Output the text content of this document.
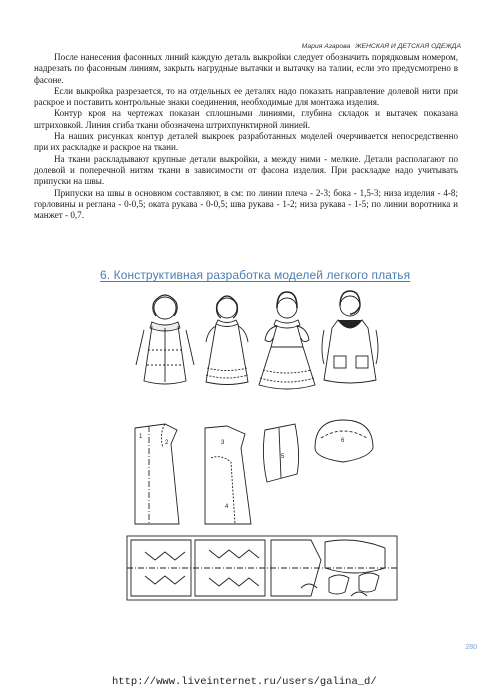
Мария Азарова ЖЕНСКАЯ И ДЕТСКАЯ ОДЕЖДА

После нанесения фасонных линий каждую деталь выкройки следует обозначить порядковым номером, надрезать по фасонным линиям, закрыть нагрудные вытачки и вытачку на талии, если это предусмотрено в фасоне.

Если выкройка разрезается, то на отдельных ее деталях надо показать направление долевой нити при раскрое и поставить контрольные знаки соединения, необходимые для монтажа изделия.

Контур кроя на чертежах показан сплошными линиями, глубина складок и вытачек показана штриховкой. Линия сгиба ткани обозначена штрихпунктирной линией.

На наших рисунках контур деталей выкроек разработанных моделей очерчивается непосредственно при их раскладке и раскрое на ткани.

На ткани раскладывают крупные детали выкройки, а между ними - мелкие. Детали располагают по долевой и поперечной нитям ткани в зависимости от фасона изделия. При раскладке надо учитывать припуски на швы.

Припуски на швы в основном составляют, в см: по линии плеча - 2-3; бока - 1,5-3; низа изделия - 4-8; горловины и реглана - 0-0,5; оката рукава - 0-0,5; шва рукава - 1-2; низа рукава - 1-5; по линии воротника и манжет - 0,7.

6. Конструктивная разработка моделей легкого платья
1
2	3
4
5
6
280
http://www.liveinternet.ru/users/galina_d/
